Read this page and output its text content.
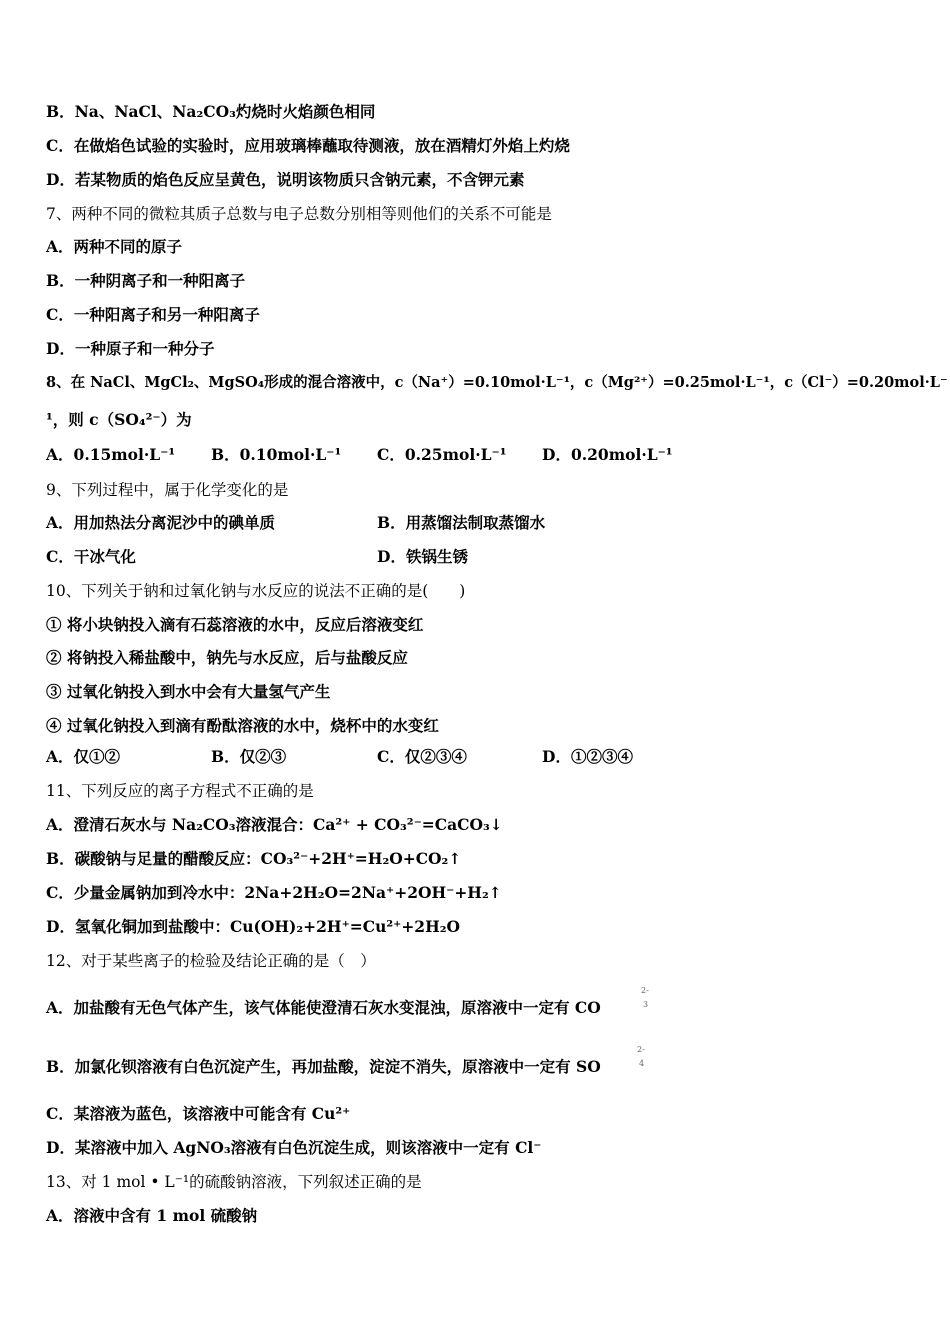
B．Na、NaCl、Na₂CO₃灼烧时火焰颜色相同
C．在做焰色试验的实验时，应用玻璃棒蘸取待测液，放在酒精灯外焰上灼烧
D．若某物质的焰色反应呈黄色，说明该物质只含钠元素，不含钾元素
7、两种不同的微粒其质子总数与电子总数分别相等则他们的关系不可能是
A．两种不同的原子
B．一种阴离子和一种阳离子
C．一种阳离子和另一种阳离子
D．一种原子和一种分子
8、在 NaCl、MgCl₂、MgSO₄形成的混合溶液中，c（Na⁺）=0.10mol·L⁻¹，c（Mg²⁺）=0.25mol·L⁻¹，c（Cl⁻）=0.20mol·L⁻
¹，则 c（SO₄²⁻）为
A．0.15mol·L⁻¹ B．0.10mol·L⁻¹ C．0.25mol·L⁻¹ D．0.20mol·L⁻¹
9、下列过程中，属于化学变化的是
A．用加热法分离泥沙中的碘单质	B．用蒸馏法制取蒸馏水
C．干冰气化	D．铁锅生锈
10、下列关于钠和过氧化钠与水反应的说法不正确的是(　　)
① 将小块钠投入滴有石蕊溶液的水中，反应后溶液变红
② 将钠投入稀盐酸中，钠先与水反应，后与盐酸反应
③ 过氧化钠投入到水中会有大量氢气产生
④ 过氧化钠投入到滴有酚酞溶液的水中，烧杯中的水变红
A．仅①②	B．仅②③	C．仅②③④	D．①②③④
11、下列反应的离子方程式不正确的是
A．澄清石灰水与 Na₂CO₃溶液混合：Ca²⁺ + CO₃²⁻=CaCO₃↓
B．碳酸钠与足量的醋酸反应：CO₃²⁻+2H⁺=H₂O+CO₂↑
C．少量金属钠加到冷水中：2Na+2H₂O=2Na⁺+2OH⁻+H₂↑
D．氢氧化铜加到盐酸中：Cu(OH)₂+2H⁺=Cu²⁺+2H₂O
12、对于某些离子的检验及结论正确的是（　）
A．加盐酸有无色气体产生，该气体能使澄清石灰水变混浊，原溶液中一定有 CO
2-
3
B．加氯化钡溶液有白色沉淀产生，再加盐酸，淀淀不消失，原溶液中一定有 SO
2-
4
C．某溶液为蓝色，该溶液中可能含有 Cu²⁺
D．某溶液中加入 AgNO₃溶液有白色沉淀生成，则该溶液中一定有 Cl⁻
13、对 1 mol • L⁻¹的硫酸钠溶液，下列叙述正确的是
A．溶液中含有 1 mol 硫酸钠
